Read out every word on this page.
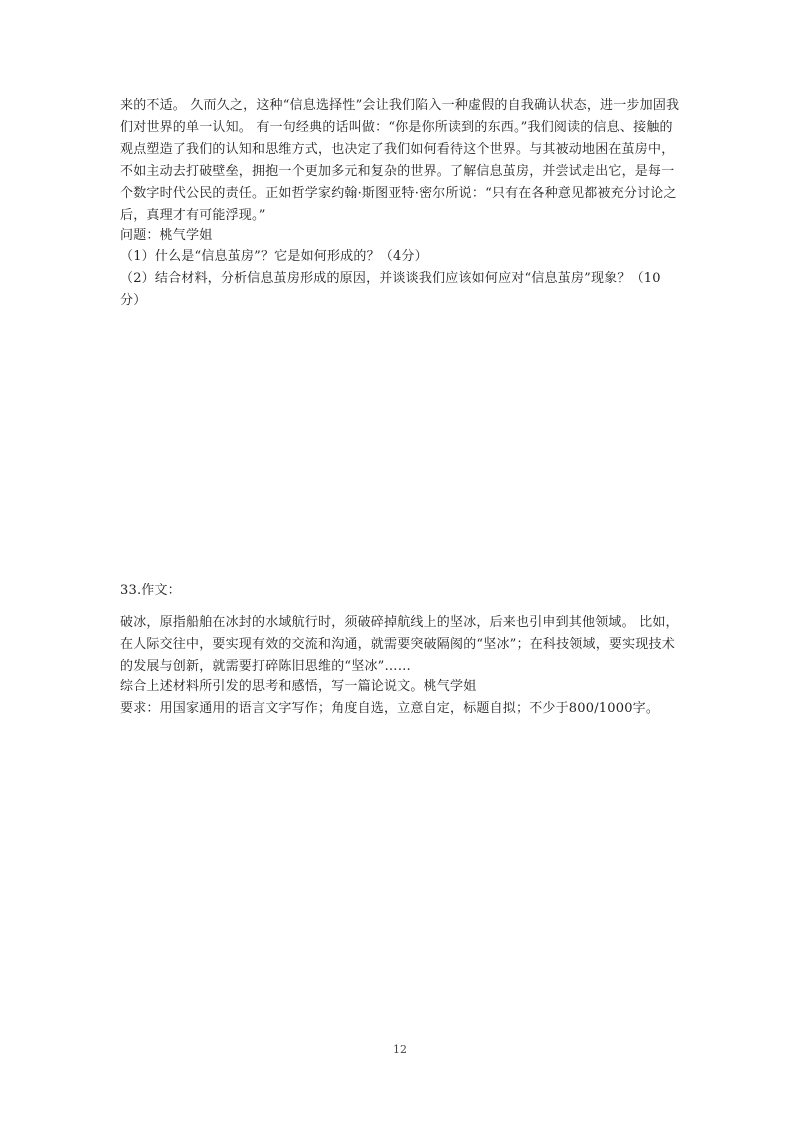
来的不适。 久而久之，这种“信息选择性”会让我们陷入一种虚假的自我确认状态，进一步加固我们对世界的单一认知。 有一句经典的话叫做：“你是你所读到的东西。”我们阅读的信息、接触的观点塑造了我们的认知和思维方式，也决定了我们如何看待这个世界。与其被动地困在茧房中，不如主动去打破壁垒，拥抱一个更加多元和复杂的世界。了解信息茧房，并尝试走出它，是每一个数字时代公民的责任。正如哲学家约翰·斯图亚特·密尔所说：“只有在各种意见都被充分讨论之后，真理才有可能浮现。”
问题：桃气学姐
（1）什么是“信息茧房”？它是如何形成的？（4分）
（2）结合材料，分析信息茧房形成的原因，并谈谈我们应该如何应对“信息茧房”现象？（10分）
33.作文：
破冰，原指船舶在冰封的水域航行时，须破碎掉航线上的坚冰，后来也引申到其他领域。 比如，在人际交往中，要实现有效的交流和沟通，就需要突破隔阂的“坚冰”；在科技领域，要实现技术的发展与创新，就需要打碎陈旧思维的“坚冰”……
综合上述材料所引发的思考和感悟，写一篇论说文。桃气学姐
要求：用国家通用的语言文字写作；角度自选，立意自定，标题自拟；不少于800/1000字。
12
